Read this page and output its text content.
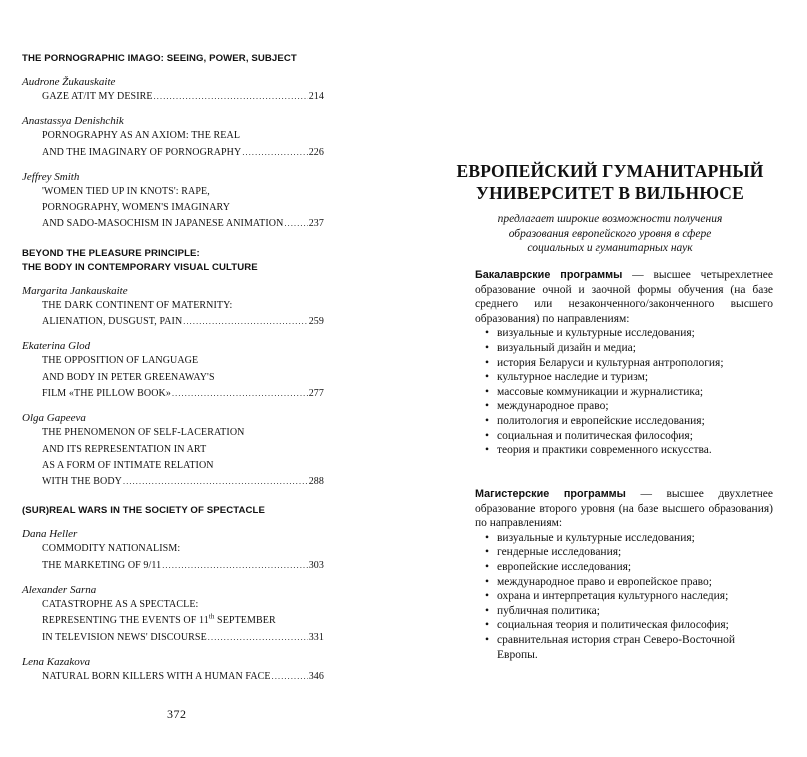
THE PORNOGRAPHIC IMAGO: SEEING, POWER, SUBJECT
Audrone Žukauskaite
GAZE AT/IT MY DESIRE .....	214
Anastassya Denishchik
PORNOGRAPHY AS AN AXIOM: THE REAL
AND THE IMAGINARY OF PORNOGRAPHY .....	226
Jeffrey Smith
'WOMEN TIED UP IN KNOTS': RAPE,
PORNOGRAPHY, WOMEN'S IMAGINARY
AND SADO-MASOCHISM IN JAPANESE ANIMATION .....	237
BEYOND THE PLEASURE PRINCIPLE:
THE BODY IN CONTEMPORARY VISUAL CULTURE
Margarita Jankauskaite
THE DARK CONTINENT OF MATERNITY:
ALIENATION, DUSGUST, PAIN .....	259
Ekaterina Glod
THE OPPOSITION OF LANGUAGE
AND BODY IN PETER GREENAWAY'S
FILM «THE PILLOW BOOK» .....	277
Olga Gapeeva
THE PHENOMENON OF SELF-LACERATION
AND ITS REPRESENTATION IN ART
AS A FORM OF INTIMATE RELATION
WITH THE BODY .....	288
(SUR)REAL WARS IN THE SOCIETY OF SPECTACLE
Dana Heller
COMMODITY NATIONALISM:
THE MARKETING OF 9/11 .....	303
Alexander Sarna
CATASTROPHE AS A SPECTACLE:
REPRESENTING THE EVENTS OF 11th SEPTEMBER
IN TELEVISION NEWS' DISCOURSE .....	331
Lena Kazakova
NATURAL BORN KILLERS WITH A HUMAN FACE .....	346
372
ЕВРОПЕЙСКИЙ ГУМАНИТАРНЫЙ
УНИВЕРСИТЕТ В ВИЛЬНЮСЕ
предлагает широкие возможности получения
образования европейского уровня в сфере
социальных и гуманитарных наук
Бакалаврские программы — высшее четырехлетнее образование очной и заочной формы обучения (на базе среднего или незаконченного/законченного высшего образования) по направлениям:
• визуальные и культурные исследования;
• визуальный дизайн и медиа;
• история Беларуси и культурная антропология;
• культурное наследие и туризм;
• массовые коммуникации и журналистика;
• международное право;
• политология и европейские исследования;
• социальная и политическая философия;
• теория и практики современного искусства.
Магистерские программы — высшее двухлетнее образование второго уровня (на базе высшего образования) по направлениям:
• визуальные и культурные исследования;
• гендерные исследования;
• европейские исследования;
• международное право и европейское право;
• охрана и интерпретация культурного наследия;
• публичная политика;
• социальная теория и политическая философия;
• сравнительная история стран Северо-Восточной Европы.
